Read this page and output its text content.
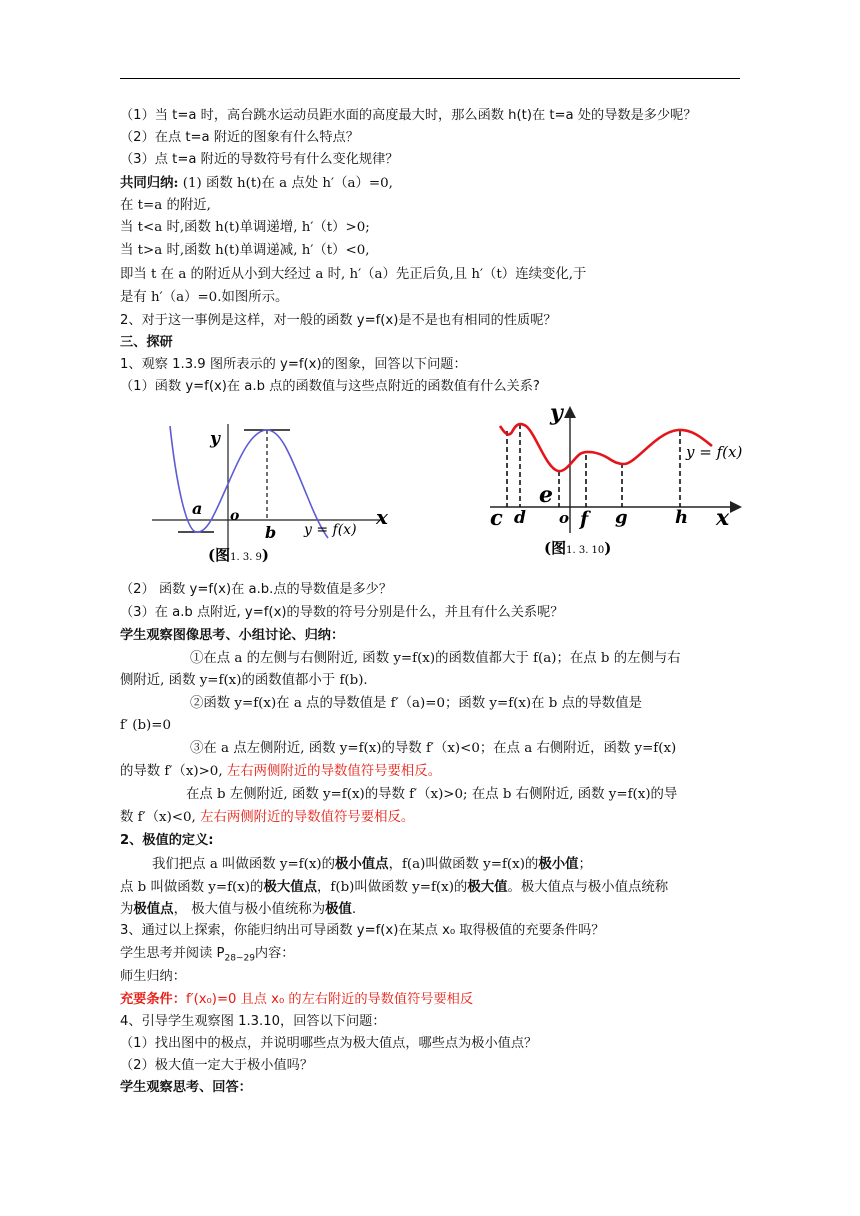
（1）当 t=a 时，高台跳水运动员距水面的高度最大时，那么函数 h(t)在 t=a 处的导数是多少呢？
（2）在点 t=a 附近的图象有什么特点？
（3）点 t=a 附近的导数符号有什么变化规律？
共同归纳: (1) 函数 h(t)在 a 点处 h′（a）=0,
在 t=a 的附近,
当 t<a 时,函数 h(t)单调递增, h′（t）>0;
当 t>a 时,函数 h(t)单调递减, h′（t）<0,
即当 t 在 a 的附近从小到大经过 a 时, h′（a）先正后负,且 h′（t）连续变化,于
是有 h′（a）=0.如图所示。
2、对于这一事例是这样，对一般的函数 y=f(x)是不是也有相同的性质呢？
三、探研
1、观察 1.3.9 图所表示的 y=f(x)的图象，回答以下问题：
（1）函数 y=f(x)在 a.b 点的函数值与这些点附近的函数值有什么关系?
y
a o
b
x
y = f(x)
(图1. 3. 9)
y
y = f(x)
e
c d o f g	h x
(图1. 3. 10)
（2） 函数 y=f(x)在 a.b.点的导数值是多少？
（3）在 a.b 点附近, y=f(x)的导数的符号分别是什么，并且有什么关系呢？
学生观察图像思考、小组讨论、归纳：
①在点 a 的左侧与右侧附近, 函数 y=f(x)的函数值都大于 f(a)；在点 b 的左侧与右
侧附近, 函数 y=f(x)的函数值都小于 f(b).
②函数 y=f(x)在 a 点的导数值是 f′（a)=0；函数 y=f(x)在 b 点的导数值是
f′ (b)=0
③在 a 点左侧附近, 函数 y=f(x)的导数 f′（x)<0；在点 a 右侧附近，函数 y=f(x)
的导数 f′（x)>0, 左右两侧附近的导数值符号要相反。
在点 b 左侧附近, 函数 y=f(x)的导数 f′（x)>0; 在点 b 右侧附近, 函数 y=f(x)的导
数 f′（x)<0, 左右两侧附近的导数值符号要相反。
2、极值的定义:
我们把点 a 叫做函数 y=f(x)的极小值点，f(a)叫做函数 y=f(x)的极小值；
点 b 叫做函数 y=f(x)的极大值点，f(b)叫做函数 y=f(x)的极大值。极大值点与极小值点统称
为极值点， 极大值与极小值统称为极值.
3、通过以上探索，你能归纳出可导函数 y=f(x)在某点 x₀ 取得极值的充要条件吗？
学生思考并阅读 $P_{28\sim 29}$内容：
师生归纳：
充要条件：f′(x₀)=0 且点 x₀ 的左右附近的导数值符号要相反
4、引导学生观察图 1.3.10，回答以下问题：
（1）找出图中的极点，并说明哪些点为极大值点，哪些点为极小值点？
（2）极大值一定大于极小值吗？
学生观察思考、回答：
